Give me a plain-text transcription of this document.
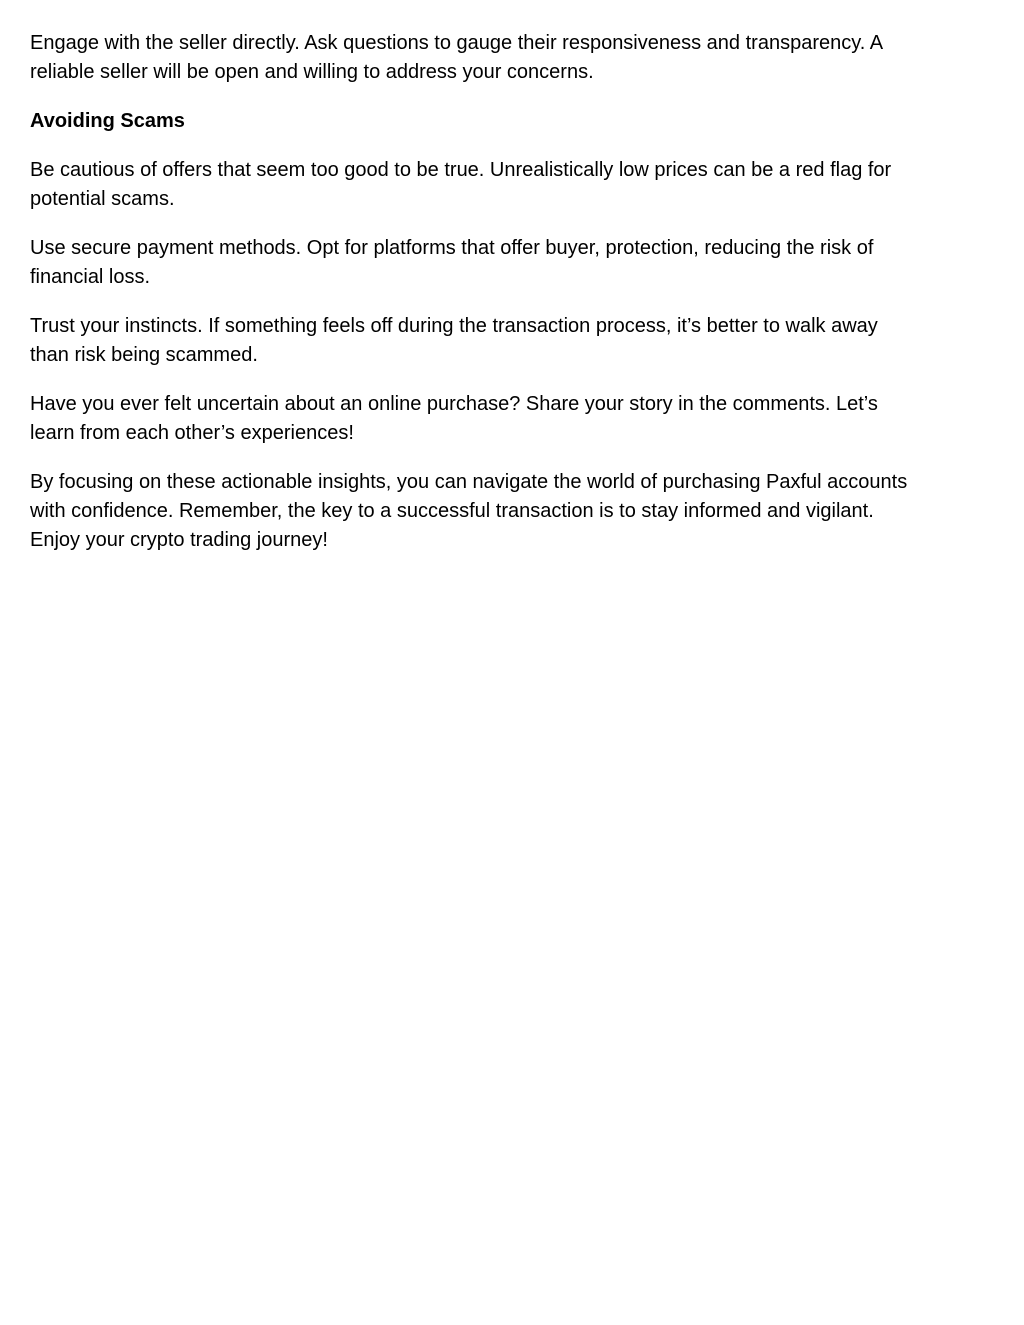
Engage with the seller directly. Ask questions to gauge their responsiveness and transparency. A
reliable seller will be open and willing to address your concerns.

Avoiding Scams

Be cautious of offers that seem too good to be true. Unrealistically low prices can be a red flag for
potential scams.

Use secure payment methods. Opt for platforms that offer buyer, protection, reducing the risk of
financial loss.

Trust your instincts. If something feels off during the transaction process, it’s better to walk away
than risk being scammed.

Have you ever felt uncertain about an online purchase? Share your story in the comments. Let’s
learn from each other’s experiences!

By focusing on these actionable insights, you can navigate the world of purchasing Paxful accounts
with confidence. Remember, the key to a successful transaction is to stay informed and vigilant.
Enjoy your crypto trading journey!
